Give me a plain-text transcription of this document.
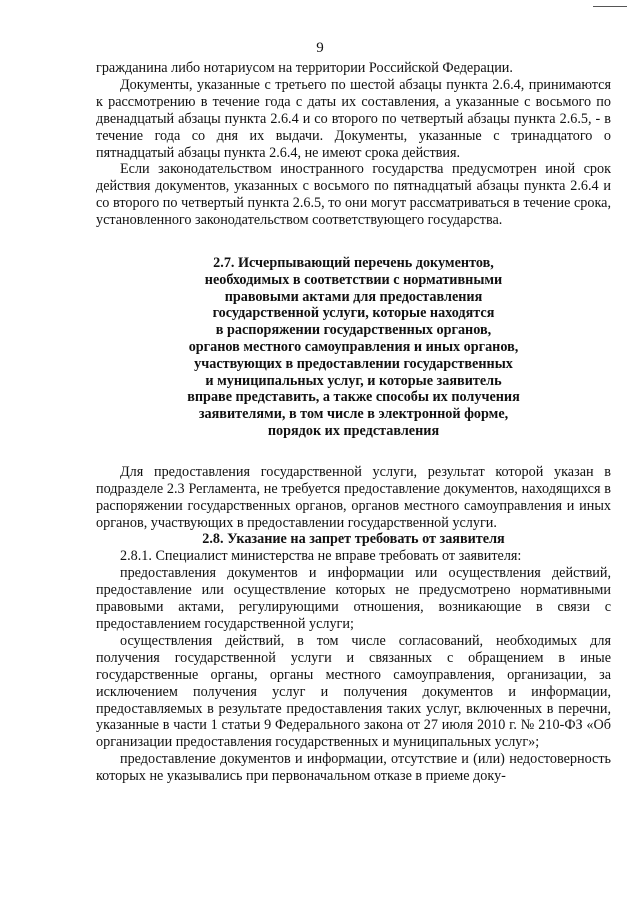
9

гражданина либо нотариусом на территории Российской Федерации.

Документы, указанные с третьего по шестой абзацы пункта 2.6.4, принимаются к рассмотрению в течение года с даты их составления, а указанные с восьмого по двенадцатый абзацы пункта 2.6.4 и со второго по четвертый абзацы пункта 2.6.5, - в течение года со дня их выдачи. Документы, указанные с тринадцатого о пятнадцатый абзацы пункта 2.6.4, не имеют срока действия.

Если законодательством иностранного государства предусмотрен иной срок действия документов, указанных с восьмого по пятнадцатый абзацы пункта 2.6.4 и со второго по четвертый пункта 2.6.5, то они могут рассматриваться в течение срока, установленного законодательством соответствующего государства.

2.7. Исчерпывающий перечень документов,
необходимых в соответствии с нормативными
правовыми актами для предоставления
государственной услуги, которые находятся
в распоряжении государственных органов,
органов местного самоуправления и иных органов,
участвующих в предоставлении государственных
и муниципальных услуг, и которые заявитель
вправе представить, а также способы их получения
заявителями, в том числе в электронной форме,
порядок их представления

Для предоставления государственной услуги, результат которой указан в подразделе 2.3 Регламента, не требуется предоставление документов, находящихся в распоряжении государственных органов, органов местного самоуправления и иных органов, участвующих в предоставлении государственной услуги.

2.8. Указание на запрет требовать от заявителя

2.8.1. Специалист министерства не вправе требовать от заявителя:

предоставления документов и информации или осуществления действий, предоставление или осуществление которых не предусмотрено нормативными правовыми актами, регулирующими отношения, возникающие в связи с предоставлением государственной услуги;

осуществления действий, в том числе согласований, необходимых для получения государственной услуги и связанных с обращением в иные государственные органы, органы местного самоуправления, организации, за исключением получения услуг и получения документов и информации, предоставляемых в результате предоставления таких услуг, включенных в перечни, указанные в части 1 статьи 9 Федерального закона от 27 июля 2010 г. № 210-ФЗ «Об организации предоставления государственных и муниципальных услуг»;

предоставление документов и информации, отсутствие и (или) недостоверность которых не указывались при первоначальном отказе в приеме доку-
